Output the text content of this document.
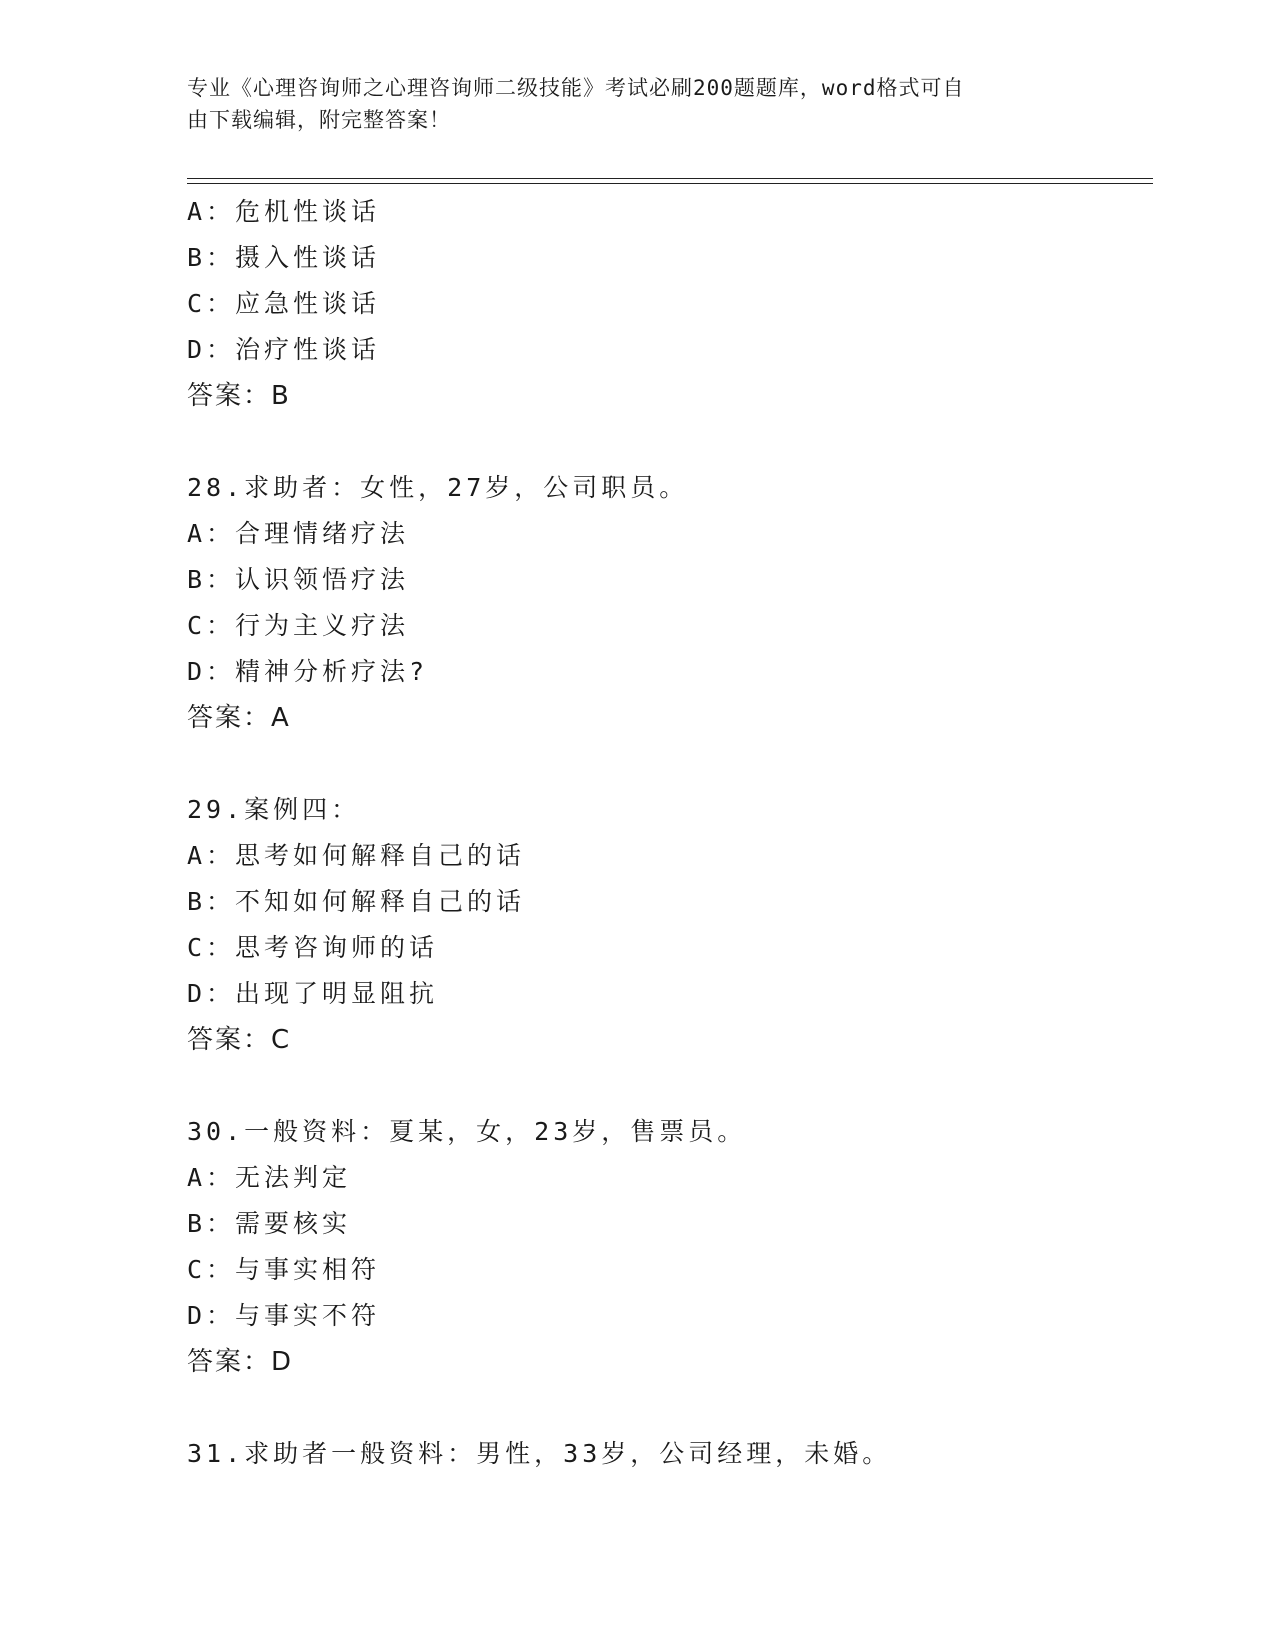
专业《心理咨询师之心理咨询师二级技能》考试必刷200题题库，word格式可自
由下载编辑，附完整答案！
A：危机性谈话
B：摄入性谈话
C：应急性谈话
D：治疗性谈话
答案：B
28.求助者：女性，27岁，公司职员。
A：合理情绪疗法
B：认识领悟疗法
C：行为主义疗法
D：精神分析疗法?
答案：A
29.案例四：
A：思考如何解释自己的话
B：不知如何解释自己的话
C：思考咨询师的话
D：出现了明显阻抗
答案：C
30.一般资料：夏某，女，23岁，售票员。
A：无法判定
B：需要核实
C：与事实相符
D：与事实不符
答案：D
31.求助者一般资料：男性，33岁，公司经理，未婚。
